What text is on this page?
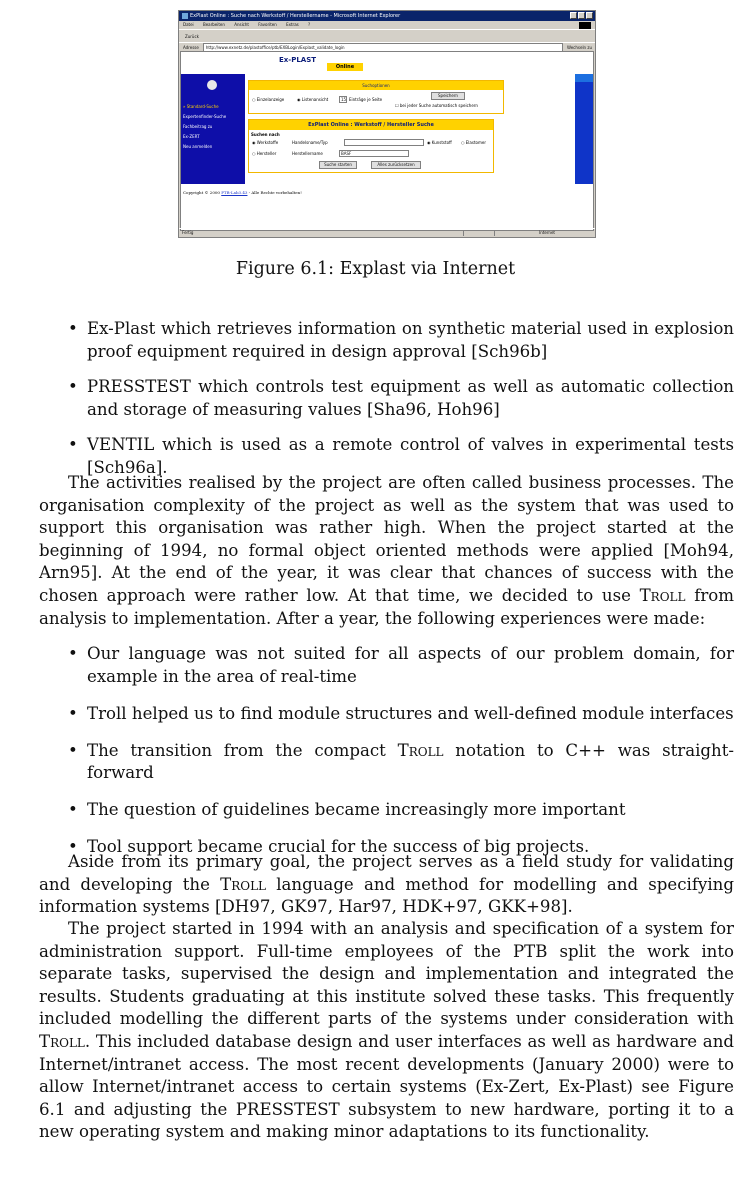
ExPlast Online : Suche nach Werkstoff / Herstellername - Microsoft Internet Explorer
Datei Bearbeiten Ansicht Favoriten Extras ?
Zurück
Adresse	http://www.exnetz.de/plastoffice/ptb/EXBLogin/Explast_validate_login	Wechseln zu
Ex-PLAST
Online
» Standard-Suche
Expertenfinder-Suche
Fachbeitrag zu
Ex-ZERT
Neu anmelden
Suchoptionen
○ Einzelanzeige	◉ Listenansicht	15 Einträge je Seite
Speichern
☐ bei jeder Suche automatisch speichern
ExPlast Online : Werkstoff / Hersteller Suche
Suchen nach
◉ Werkstoffe	Handelsname/Typ	◉ Kunststoff ○ Elastomer
○ Hersteller	Herstellername	BASF
Suche starten	Alles zurücksetzen
Copyright © 2000 PTB-Lab3.43 - Alle Rechte vorbehalten!
Fertig	Internet
Figure 6.1: Explast via Internet
• Ex-Plast which retrieves information on synthetic material used in explosion proof equipment required in design approval [Sch96b]
• PRESSTEST which controls test equipment as well as automatic collection and storage of measuring values [Sha96, Hoh96]
• VENTIL which is used as a remote control of valves in experimental tests [Sch96a].

The activities realised by the project are often called business processes. The organisation complexity of the project as well as the system that was used to support this organisation was rather high. When the project started at the beginning of 1994, no formal object oriented methods were applied [Moh94, Arn95]. At the end of the year, it was clear that chances of success with the chosen approach were rather low. At that time, we decided to use Troll from analysis to implementation. After a year, the following experiences were made:

• Our language was not suited for all aspects of our problem domain, for example in the area of real-time
• Troll helped us to find module structures and well-defined module interfaces
• The transition from the compact Troll notation to C++ was straight-forward
• The question of guidelines became increasingly more important
• Tool support became crucial for the success of big projects.

Aside from its primary goal, the project serves as a field study for validating and developing the Troll language and method for modelling and specifying information systems [DH97, GK97, Har97, HDK+97, GKK+98].

The project started in 1994 with an analysis and specification of a system for administration support. Full-time employees of the PTB split the work into separate tasks, supervised the design and implementation and integrated the results. Students graduating at this institute solved these tasks. This frequently included modelling the different parts of the systems under consideration with Troll. This included database design and user interfaces as well as hardware and Internet/intranet access. The most recent developments (January 2000) were to allow Internet/intranet access to certain systems (Ex-Zert, Ex-Plast) see Figure 6.1 and adjusting the PRESSTEST subsystem to new hardware, porting it to a new operating system and making minor adaptations to its functionality.
